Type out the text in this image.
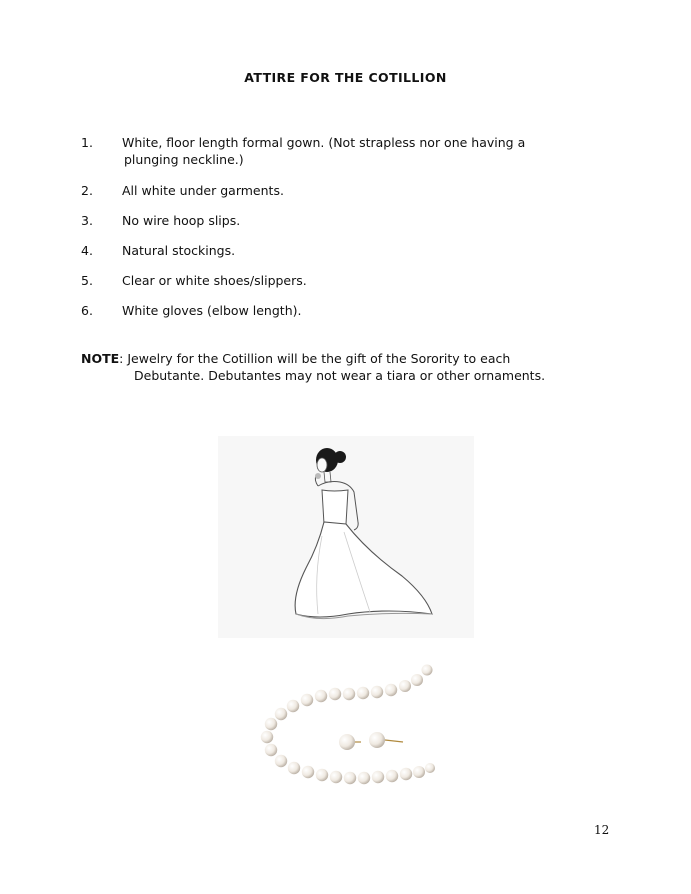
ATTIRE FOR THE COTILLION
1.	White, floor length formal gown. (Not strapless nor one having a
plunging neckline.)
2.	All white under garments.
3.	No wire hoop slips.
4.	Natural stockings.
5.	Clear or white shoes/slippers.
6.	White gloves (elbow length).
NOTE: Jewelry for the Cotillion will be the gift of the Sorority to each
Debutante. Debutantes may not wear a tiara or other ornaments.
12
